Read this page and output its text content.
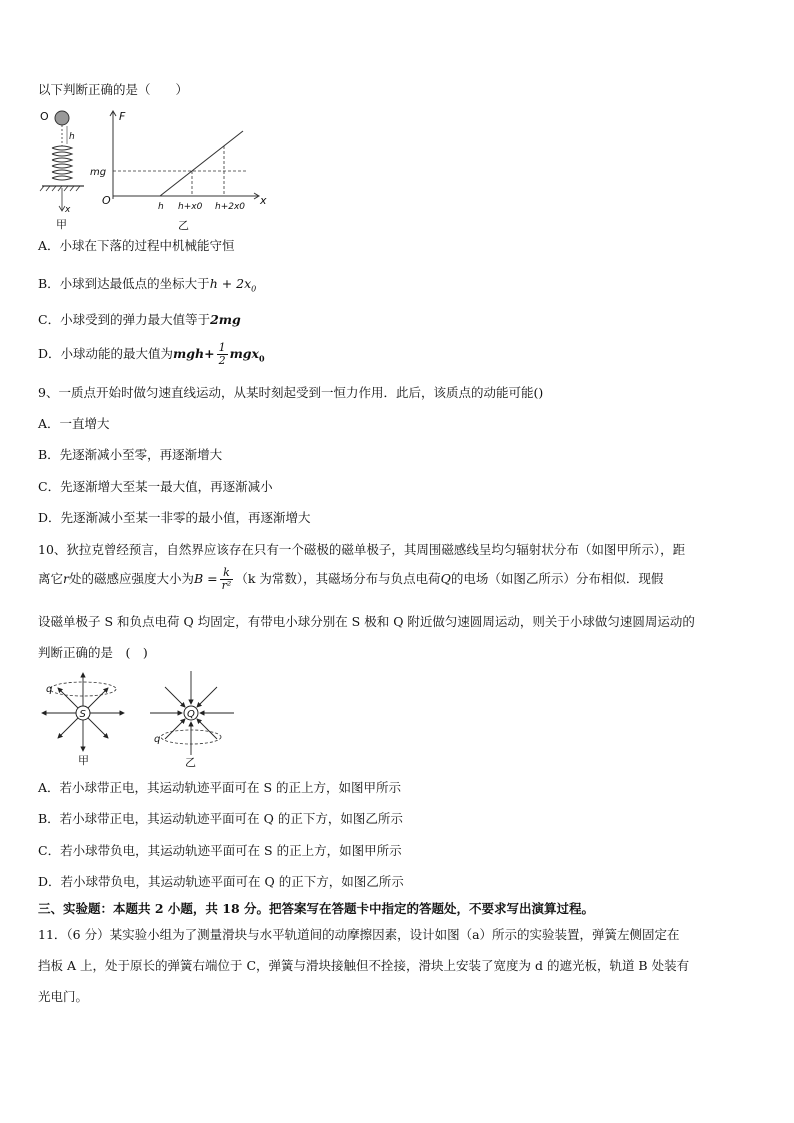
以下判断正确的是（　　）
O
h
x
甲
F
x
O
mg
h h+x0 h+2x0
乙
A．小球在下落的过程中机械能守恒
B．小球到达最低点的坐标大于$h + 2x_0$
C．小球受到的弹力最大值等于2mg
D．小球动能的最大值为$mgh+ \frac{1}{2} mgx_0$
9、一质点开始时做匀速直线运动，从某时刻起受到一恒力作用．此后，该质点的动能可能()
A．一直增大
B．先逐渐减小至零，再逐渐增大
C．先逐渐增大至某一最大值，再逐渐减小
D．先逐渐减小至某一非零的最小值，再逐渐增大
10、狄拉克曾经预言，自然界应该存在只有一个磁极的磁单极子，其周围磁感线呈均匀辐射状分布（如图甲所示），距
离它r处的磁感应强度大小为$B = \frac{k}{\text{r²}} (k$ 为常数），其磁场分布与负点电荷Q的电场（如图乙所示）分布相似．现假
设磁单极子 S 和负点电荷 Q 均固定，有带电小球分别在 S 极和 Q 附近做匀速圆周运动，则关于小球做匀速圆周运动的
判断正确的是　(　)
S
q
甲
Q
q
乙
A．若小球带正电，其运动轨迹平面可在 S 的正上方，如图甲所示
B．若小球带正电，其运动轨迹平面可在 Q 的正下方，如图乙所示
C．若小球带负电，其运动轨迹平面可在 S 的正上方，如图甲所示
D．若小球带负电，其运动轨迹平面可在 Q 的正下方，如图乙所示
三、实验题：本题共 2 小题，共 18 分。把答案写在答题卡中指定的答题处，不要求写出演算过程。
11．（6 分）某实验小组为了测量滑块与水平轨道间的动摩擦因素，设计如图（a）所示的实验装置，弹簧左侧固定在
挡板 A 上，处于原长的弹簧右端位于 C，弹簧与滑块接触但不拴接，滑块上安装了宽度为 d 的遮光板，轨道 B 处装有
光电门。
